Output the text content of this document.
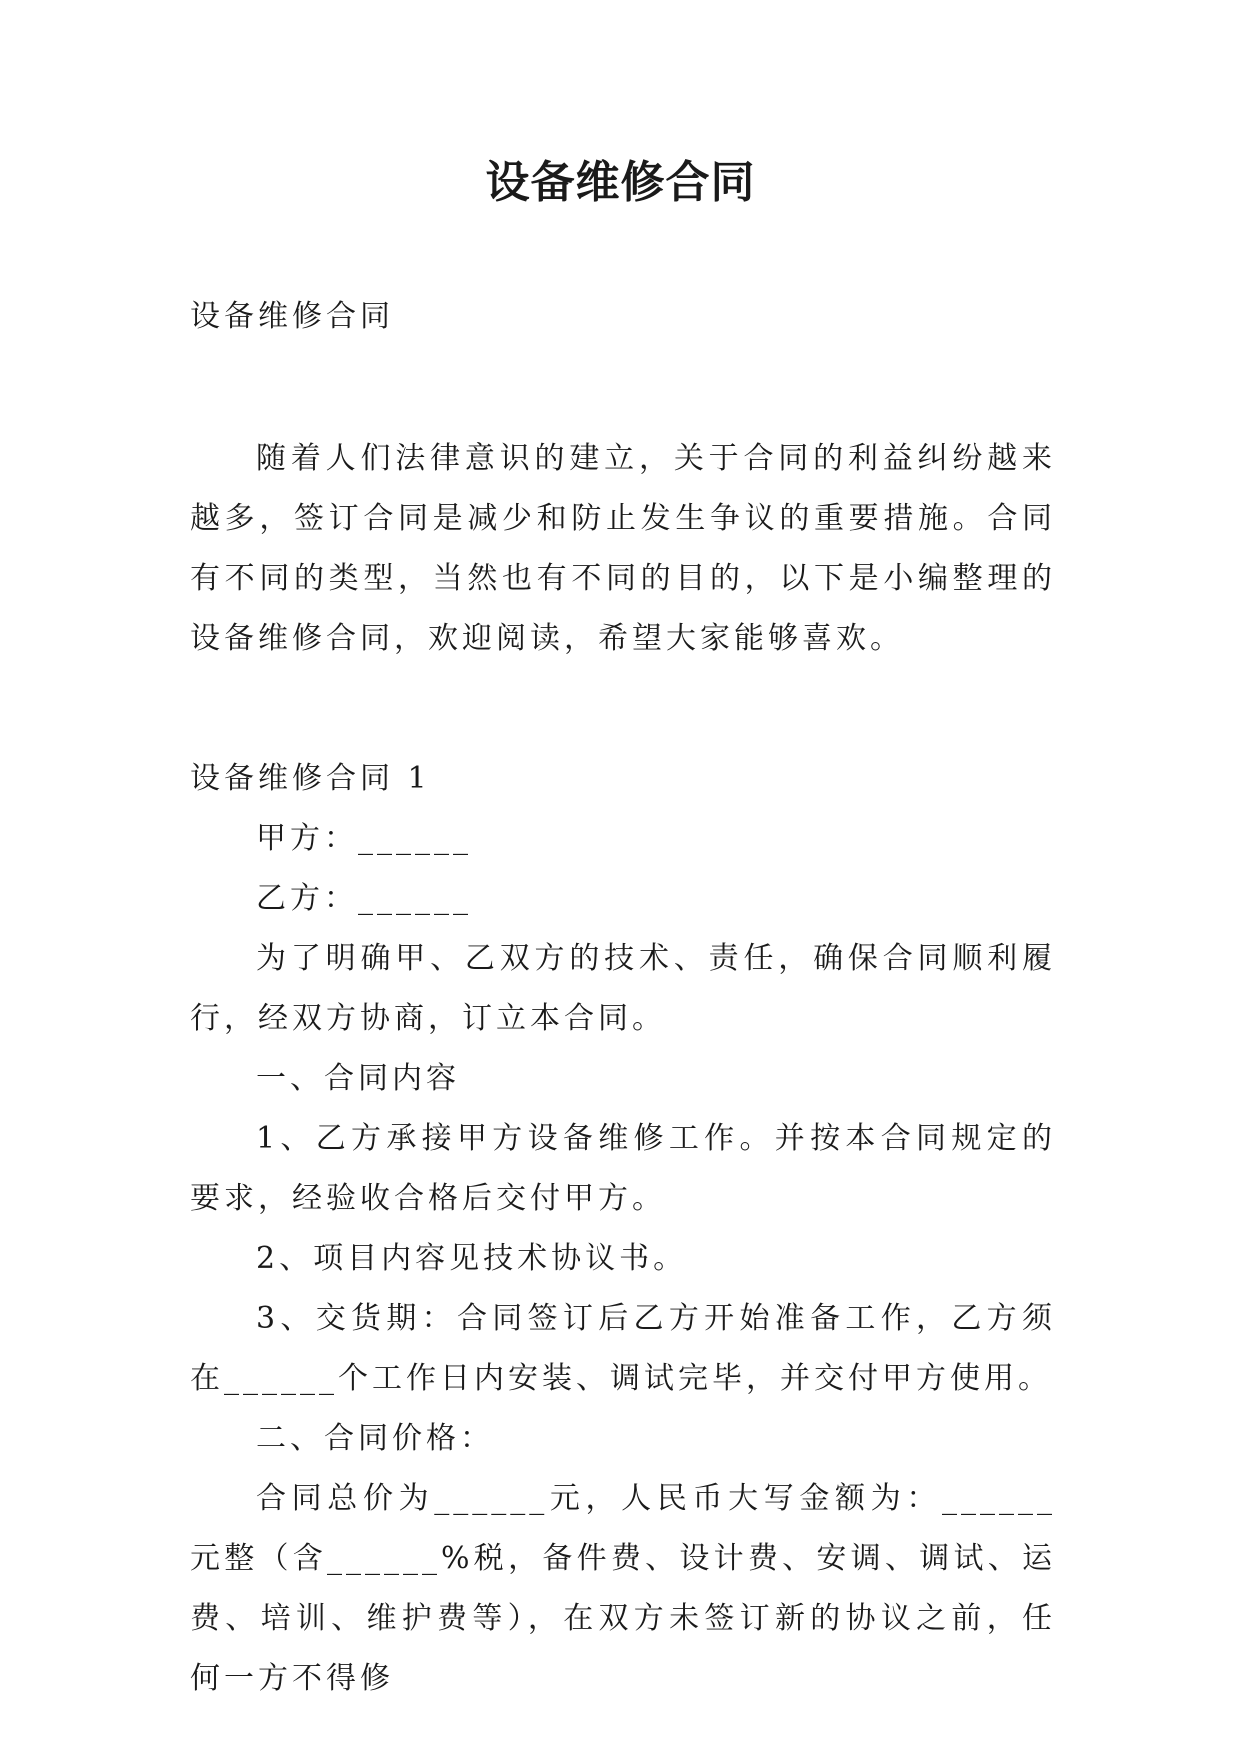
设备维修合同

设备维修合同

随着人们法律意识的建立，关于合同的利益纠纷越来越多，签订合同是减少和防止发生争议的重要措施。合同有不同的类型，当然也有不同的目的，以下是小编整理的设备维修合同，欢迎阅读，希望大家能够喜欢。

设备维修合同 1

甲方：______

乙方：______

为了明确甲、乙双方的技术、责任，确保合同顺利履行，经双方协商，订立本合同。

一、合同内容

1、乙方承接甲方设备维修工作。并按本合同规定的要求，经验收合格后交付甲方。

2、项目内容见技术协议书。

3、交货期：合同签订后乙方开始准备工作，乙方须在______个工作日内安装、调试完毕，并交付甲方使用。

二、合同价格：

合同总价为______元，人民币大写金额为：______元整（含______%税，备件费、设计费、安调、调试、运费、培训、维护费等），在双方未签订新的协议之前，任何一方不得修
